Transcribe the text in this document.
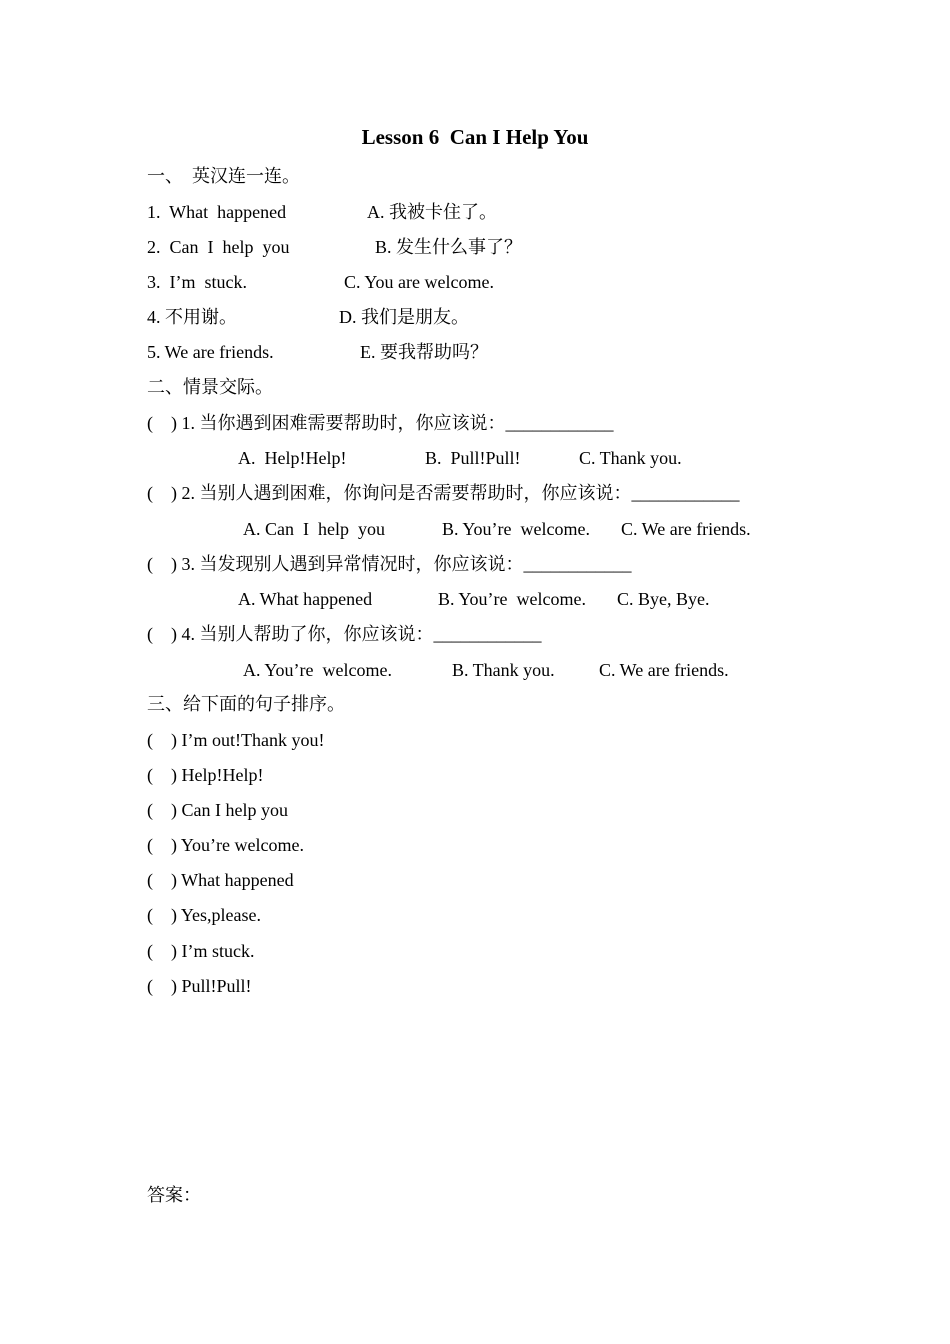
Lesson 6  Can I Help You
一、  英汉连一连。
1.  What  happened	A. 我被卡住了。
2.  Can  I  help  you	B. 发生什么事了？
3.  I’m  stuck.	C. You are welcome.
4. 不用谢。	D. 我们是朋友。
5. We are friends.	E. 要我帮助吗？
二、情景交际。
(    ) 1. 当你遇到困难需要帮助时，你应该说：____________
A.  Help!Help!	B.  Pull!Pull!	C. Thank you.
(    ) 2. 当别人遇到困难，你询问是否需要帮助时，你应该说：____________
A. Can  I  help  you	B. You’re  welcome. C. We are friends.
(    ) 3. 当发现别人遇到异常情况时，你应该说：____________
A. What happened	B. You’re  welcome. C. Bye, Bye.
(    ) 4. 当别人帮助了你，你应该说：____________
A. You’re  welcome.	B. Thank you. C. We are friends.
三、给下面的句子排序。
(    ) I’m out!Thank you!
(    ) Help!Help!
(    ) Can I help you
(    ) You’re welcome.
(    ) What happened
(    ) Yes,please.
(    ) I’m stuck.
(    ) Pull!Pull!
答案：
